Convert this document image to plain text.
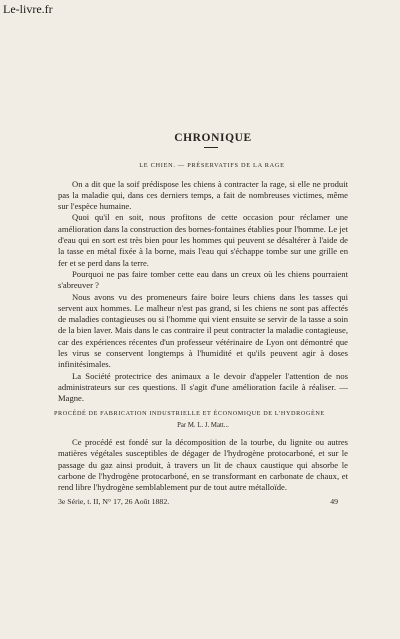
Le-livre.fr
CHRONIQUE
LE CHIEN. — PRÉSERVATIFS DE LA RAGE

On a dit que la soif prédispose les chiens à contracter la rage, si elle ne produit pas la maladie qui, dans ces derniers temps, a fait de nombreuses victimes, même sur l'espèce humaine.

Quoi qu'il en soit, nous profitons de cette occasion pour réclamer une amélioration dans la construction des bornes-fontaines établies pour l'homme. Le jet d'eau qui en sort est très bien pour les hommes qui peuvent se désaltérer à l'aide de la tasse en métal fixée à la borne, mais l'eau qui s'échappe tombe sur une grille en fer et se perd dans la terre.

Pourquoi ne pas faire tomber cette eau dans un creux où les chiens pourraient s'abreuver ?

Nous avons vu des promeneurs faire boire leurs chiens dans les tasses qui servent aux hommes. Le malheur n'est pas grand, si les chiens ne sont pas affectés de maladies contagieuses ou si l'homme qui vient ensuite se servir de la tasse a soin de la bien laver. Mais dans le cas contraire il peut contracter la maladie contagieuse, car des expériences récentes d'un professeur vétérinaire de Lyon ont démontré que les virus se conservent longtemps à l'humidité et qu'ils peuvent agir à doses infinitésimales.

La Société protectrice des animaux a le devoir d'appeler l'attention de nos administrateurs sur ces questions. Il s'agit d'une amélioration facile à réaliser. — Magne.

PROCÉDÉ DE FABRICATION INDUSTRIELLE ET ÉCONOMIQUE DE L'HYDROGÈNE
Par M. L. J. Matt...

Ce procédé est fondé sur la décomposition de la tourbe, du lignite ou autres matières végétales susceptibles de dégager de l'hydrogène protocarboné, et sur le passage du gaz ainsi produit, à travers un lit de chaux caustique qui absorbe le carbone de l'hydrogène protocarboné, en se transformant en carbonate de chaux, et rend libre l'hydrogène semblablement pur de tout autre métalloïde.

3e Série, t. II, N° 17, 26 Août 1882.	49
